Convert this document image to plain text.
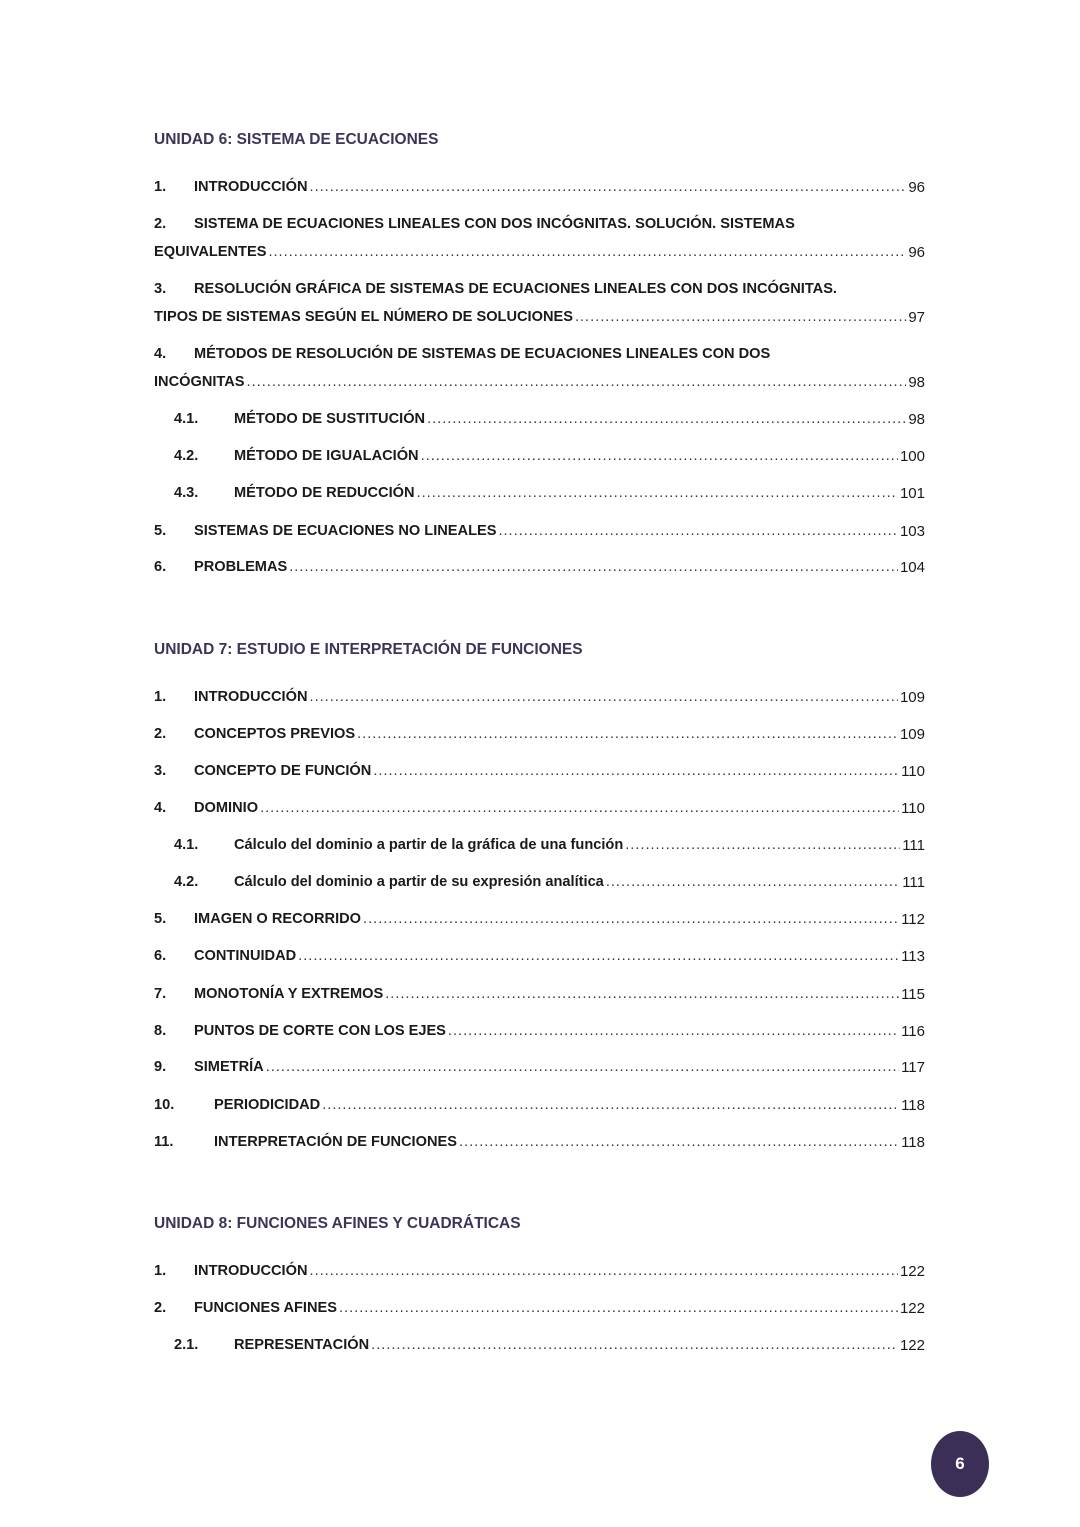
UNIDAD 6: SISTEMA DE ECUACIONES
1.	INTRODUCCIÓN .....	96
2.	SISTEMA DE ECUACIONES LINEALES CON DOS INCÓGNITAS. SOLUCIÓN. SISTEMAS
EQUIVALENTES .....	96
3.	RESOLUCIÓN GRÁFICA DE SISTEMAS DE ECUACIONES LINEALES CON DOS INCÓGNITAS.
TIPOS DE SISTEMAS SEGÚN EL NÚMERO DE SOLUCIONES .....	97
4.	MÉTODOS DE RESOLUCIÓN DE SISTEMAS DE ECUACIONES LINEALES CON DOS
INCÓGNITAS .....	98
4.1.	MÉTODO DE SUSTITUCIÓN .....	98
4.2.	MÉTODO DE IGUALACIÓN .....	100
4.3.	MÉTODO DE REDUCCIÓN .....	101
5.	SISTEMAS DE ECUACIONES NO LINEALES .....	103
6.	PROBLEMAS .....	104
UNIDAD 7: ESTUDIO E INTERPRETACIÓN DE FUNCIONES
1.	INTRODUCCIÓN .....	109
2.	CONCEPTOS PREVIOS .....	109
3.	CONCEPTO DE FUNCIÓN .....	110
4.	DOMINIO .....	110
4.1.	Cálculo del dominio a partir de la gráfica de una función .....	111
4.2.	Cálculo del dominio a partir de su expresión analítica .....	111
5.	IMAGEN O RECORRIDO .....	112
6.	CONTINUIDAD .....	113
7.	MONOTONÍA Y EXTREMOS .....	115
8.	PUNTOS DE CORTE CON LOS EJES .....	116
9.	SIMETRÍA .....	117
10.	PERIODICIDAD .....	118
11.	INTERPRETACIÓN DE FUNCIONES .....	118
UNIDAD 8: FUNCIONES AFINES Y CUADRÁTICAS
1.	INTRODUCCIÓN .....	122
2.	FUNCIONES AFINES .....	122
2.1.	REPRESENTACIÓN .....	122
6
